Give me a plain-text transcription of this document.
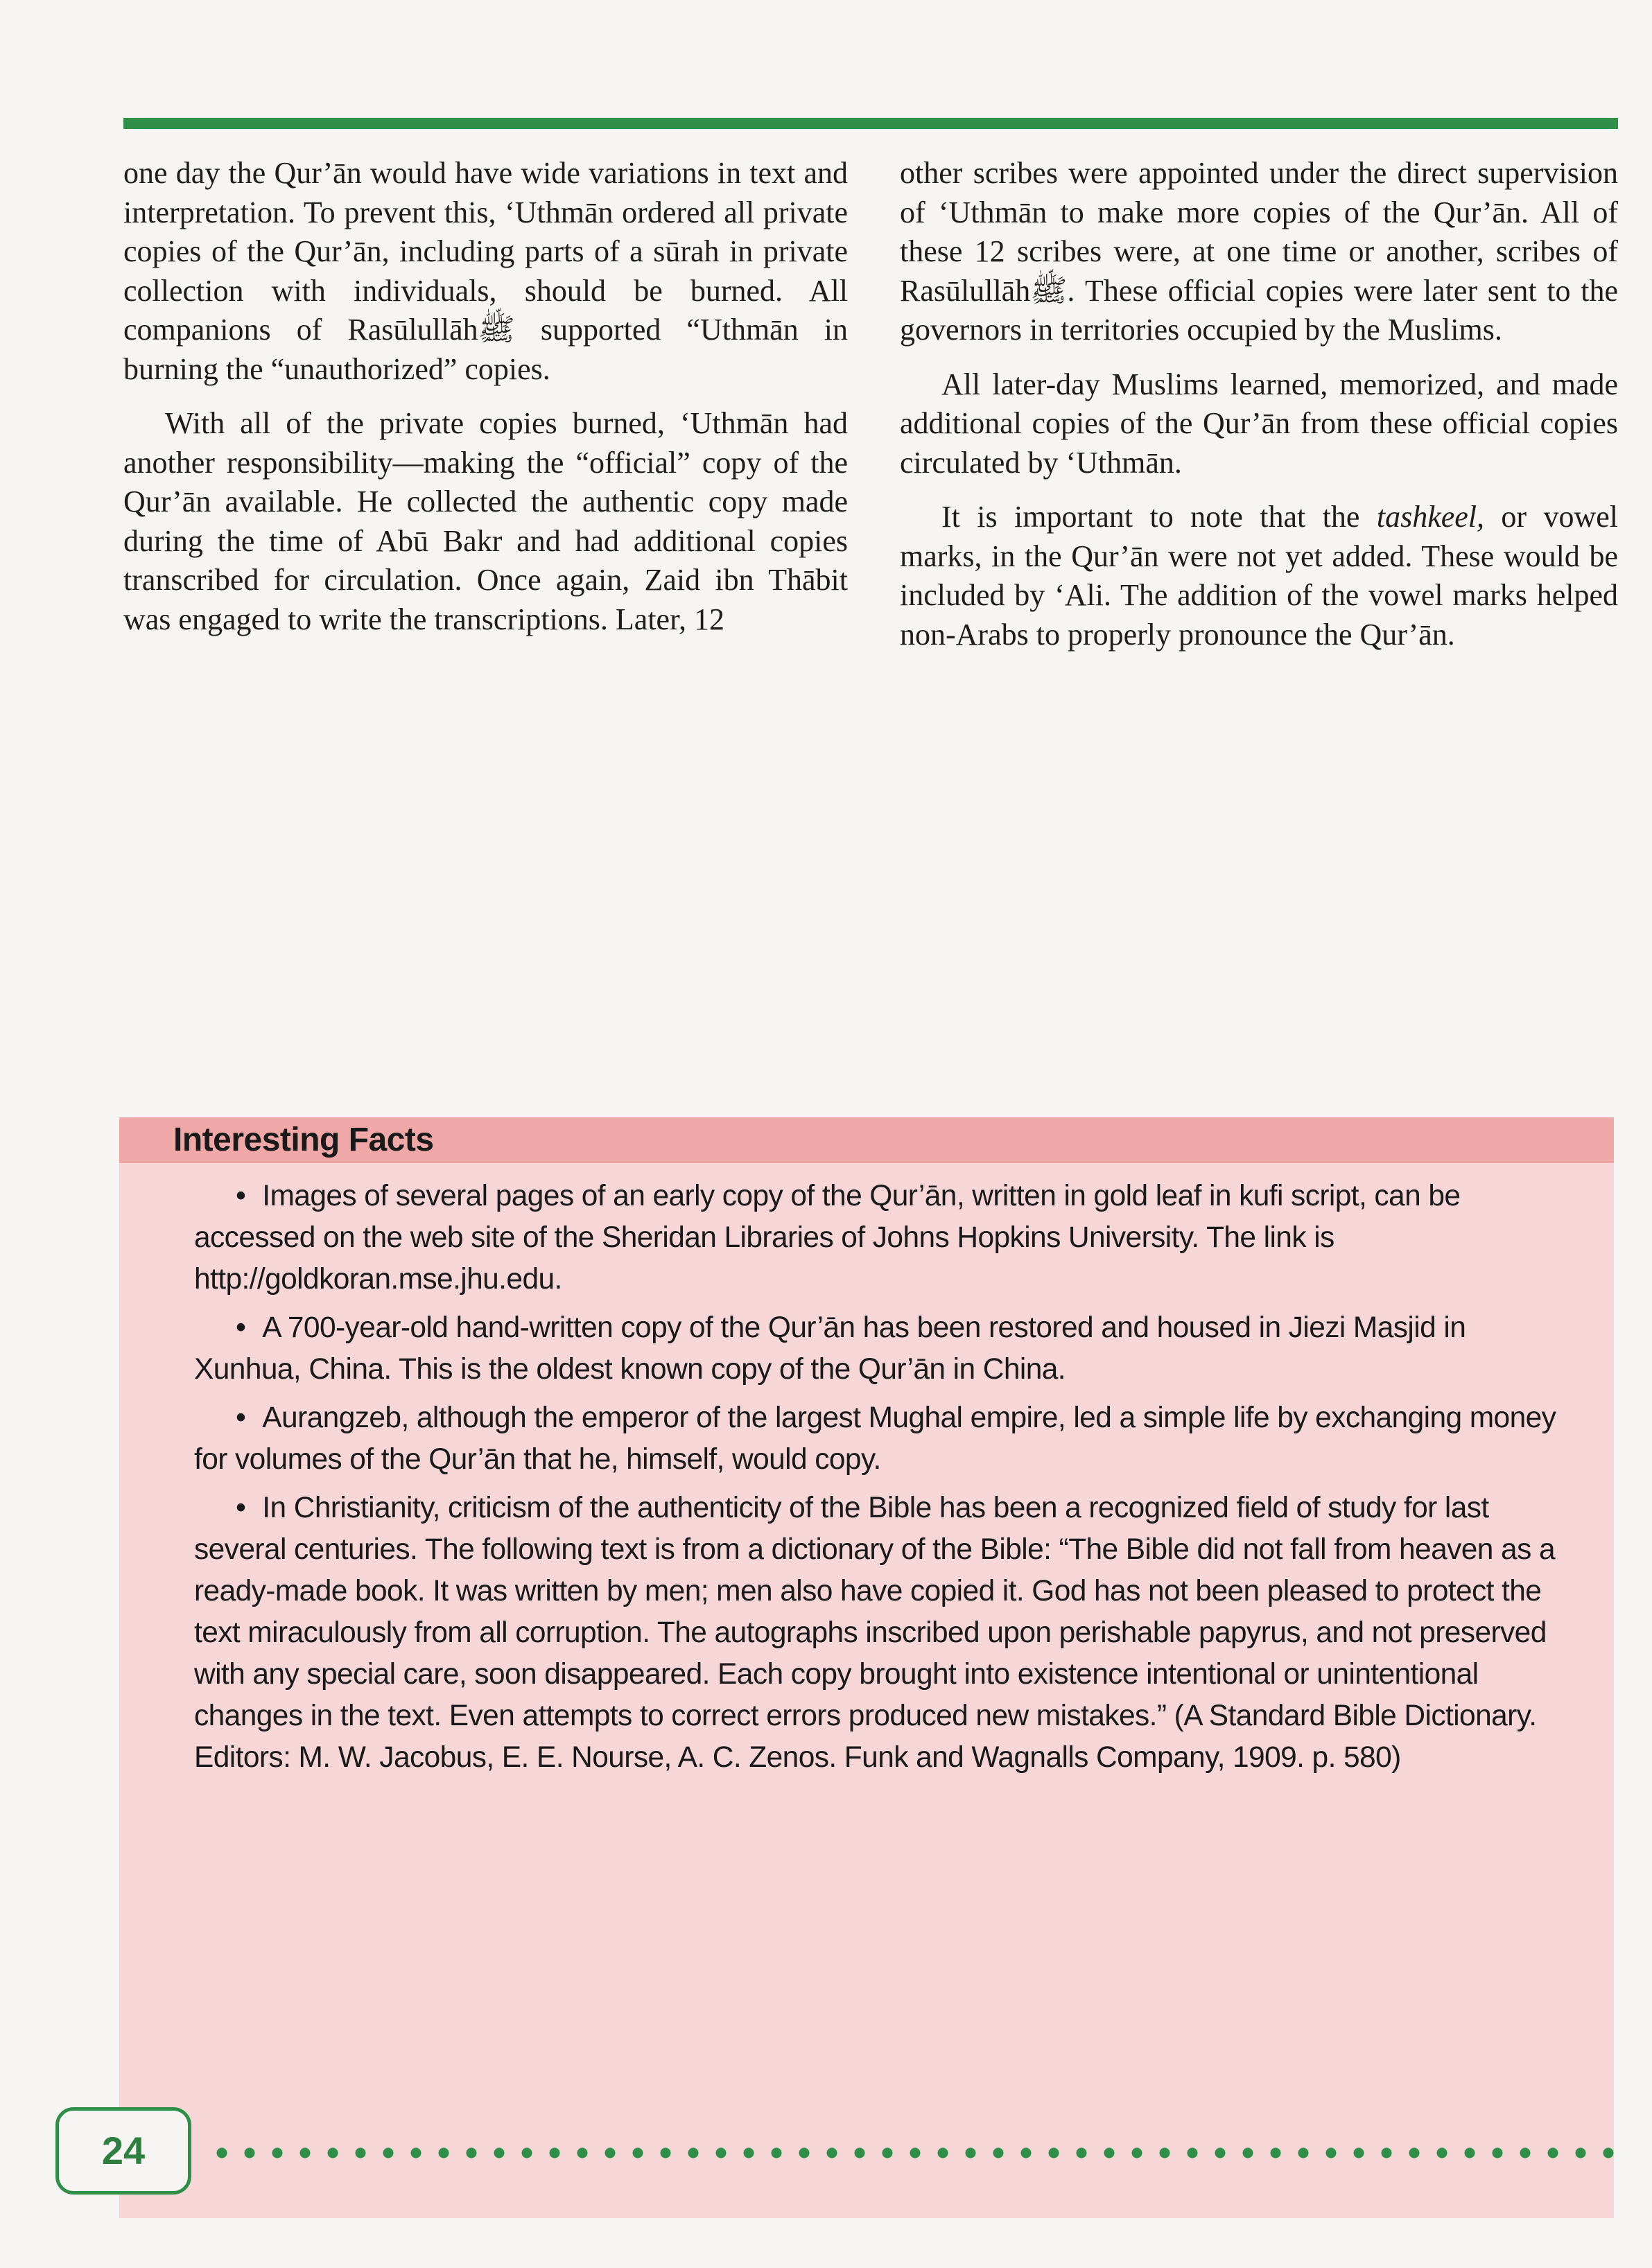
one day the Qur’ān would have wide variations in text and interpretation. To prevent this, ‘Uthmān ordered all private copies of the Qur’ān, including parts of a sūrah in private collection with individuals, should be burned. All companions of Rasūlullāhﷺ supported “Uthmān in burning the “unauthorized” copies.

With all of the private copies burned, ‘Uthmān had another responsibility—making the “official” copy of the Qur’ān available. He collected the authentic copy made during the time of Abū Bakr and had additional copies transcribed for circulation. Once again, Zaid ibn Thābit was engaged to write the transcriptions. Later, 12

other scribes were appointed under the direct supervision of ‘Uthmān to make more copies of the Qur’ān. All of these 12 scribes were, at one time or another, scribes of Rasūlullāhﷺ. These official copies were later sent to the governors in territories occupied by the Muslims.

All later-day Muslims learned, memorized, and made additional copies of the Qur’ān from these official copies circulated by ‘Uthmān.

It is important to note that the tashkeel, or vowel marks, in the Qur’ān were not yet added. These would be included by ‘Ali. The addition of the vowel marks helped non-Arabs to properly pronounce the Qur’ān.

Interesting Facts

• Images of several pages of an early copy of the Qur’ān, written in gold leaf in kufi script, can be accessed on the web site of the Sheridan Libraries of Johns Hopkins University. The link is http://goldkoran.mse.jhu.edu.

• A 700-year-old hand-written copy of the Qur’ān has been restored and housed in Jiezi Masjid in Xunhua, China. This is the oldest known copy of the Qur’ān in China.

• Aurangzeb, although the emperor of the largest Mughal empire, led a simple life by exchanging money for volumes of the Qur’ān that he, himself, would copy.

• In Christianity, criticism of the authenticity of the Bible has been a recognized field of study for last several centuries. The following text is from a dictionary of the Bible: “The Bible did not fall from heaven as a ready-made book. It was written by men; men also have copied it. God has not been pleased to protect the text miraculously from all corruption. The autographs inscribed upon perishable papyrus, and not preserved with any special care, soon disappeared. Each copy brought into existence intentional or unintentional changes in the text. Even attempts to correct errors produced new mistakes.” (A Standard Bible Dictionary. Editors: M. W. Jacobus, E. E. Nourse, A. C. Zenos. Funk and Wagnalls Company, 1909. p. 580)

24
